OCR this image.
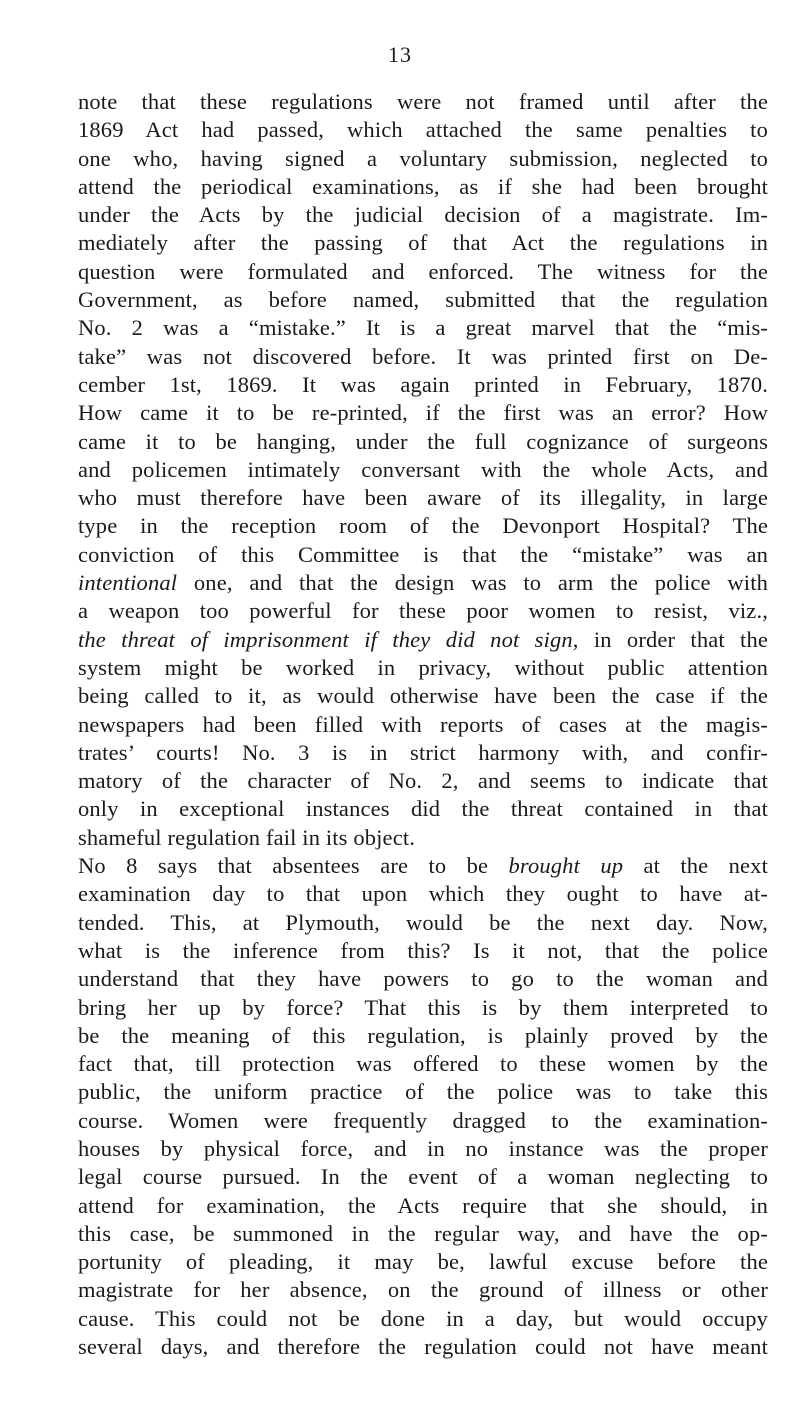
13
note that these regulations were not framed until after the
1869 Act had passed, which attached the same penalties to
one who, having signed a voluntary submission, neglected to
attend the periodical examinations, as if she had been brought
under the Acts by the judicial decision of a magistrate. Im-
mediately after the passing of that Act the regulations in
question were formulated and enforced. The witness for the
Government, as before named, submitted that the regulation
No. 2 was a “mistake.” It is a great marvel that the “mis-
take” was not discovered before. It was printed first on De-
cember 1st, 1869. It was again printed in February, 1870.
How came it to be re-printed, if the first was an error? How
came it to be hanging, under the full cognizance of surgeons
and policemen intimately conversant with the whole Acts, and
who must therefore have been aware of its illegality, in large
type in the reception room of the Devonport Hospital? The
conviction of this Committee is that the “mistake” was an
intentional one, and that the design was to arm the police with
a weapon too powerful for these poor women to resist, viz.,
the threat of imprisonment if they did not sign, in order that the
system might be worked in privacy, without public attention
being called to it, as would otherwise have been the case if the
newspapers had been filled with reports of cases at the magis-
trates’ courts! No. 3 is in strict harmony with, and confir-
matory of the character of No. 2, and seems to indicate that
only in exceptional instances did the threat contained in that
shameful regulation fail in its object.
No 8 says that absentees are to be brought up at the next
examination day to that upon which they ought to have at-
tended. This, at Plymouth, would be the next day. Now,
what is the inference from this? Is it not, that the police
understand that they have powers to go to the woman and
bring her up by force? That this is by them interpreted to
be the meaning of this regulation, is plainly proved by the
fact that, till protection was offered to these women by the
public, the uniform practice of the police was to take this
course. Women were frequently dragged to the examination-
houses by physical force, and in no instance was the proper
legal course pursued. In the event of a woman neglecting to
attend for examination, the Acts require that she should, in
this case, be summoned in the regular way, and have the op-
portunity of pleading, it may be, lawful excuse before the
magistrate for her absence, on the ground of illness or other
cause. This could not be done in a day, but would occupy
several days, and therefore the regulation could not have meant
